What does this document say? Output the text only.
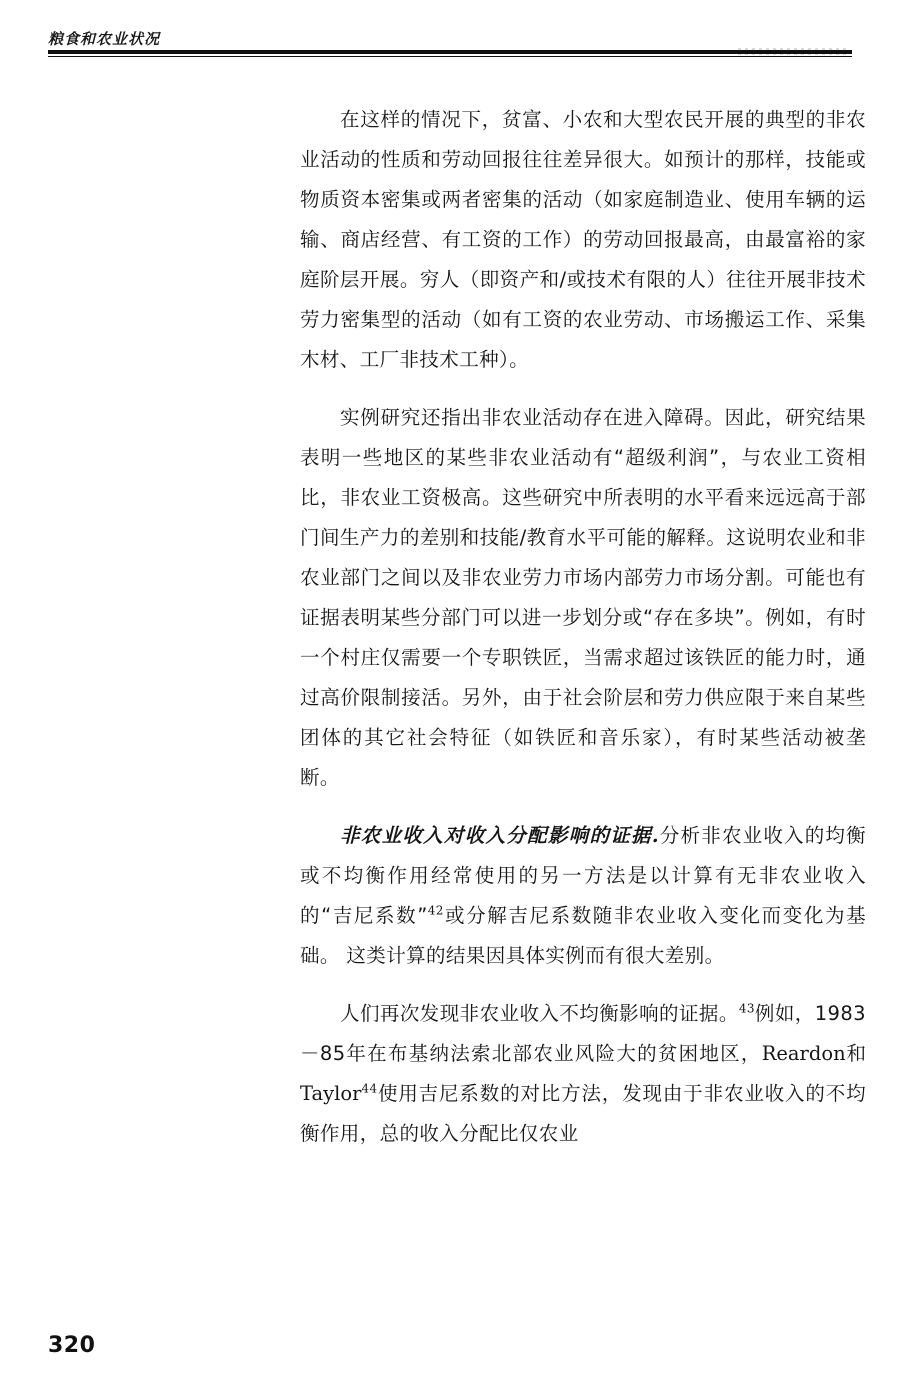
粮食和农业状况

在这样的情况下，贫富、小农和大型农民开展的典型的非农业活动的性质和劳动回报往往差异很大。如预计的那样，技能或物质资本密集或两者密集的活动（如家庭制造业、使用车辆的运输、商店经营、有工资的工作）的劳动回报最高，由最富裕的家庭阶层开展。穷人（即资产和/或技术有限的人）往往开展非技术劳力密集型的活动（如有工资的农业劳动、市场搬运工作、采集木材、工厂非技术工种）。

实例研究还指出非农业活动存在进入障碍。因此，研究结果表明一些地区的某些非农业活动有“超级利润”，与农业工资相比，非农业工资极高。这些研究中所表明的水平看来远远高于部门间生产力的差别和技能/教育水平可能的解释。这说明农业和非农业部门之间以及非农业劳力市场内部劳力市场分割。可能也有证据表明某些分部门可以进一步划分或“存在多块”。例如，有时一个村庄仅需要一个专职铁匠，当需求超过该铁匠的能力时，通过高价限制接活。另外，由于社会阶层和劳力供应限于来自某些团体的其它社会特征（如铁匠和音乐家），有时某些活动被垄断。

非农业收入对收入分配影响的证据.分析非农业收入的均衡或不均衡作用经常使用的另一方法是以计算有无非农业收入的“吉尼系数”$^{42}$或分解吉尼系数随非农业收入变化而变化为基础。 这类计算的结果因具体实例而有很大差别。

人们再次发现非农业收入不均衡影响的证据。$^{43}$例如，1983－85年在布基纳法索北部农业风险大的贫困地区，Reardon和Taylor$^{44}$使用吉尼系数的对比方法，发现由于非农业收入的不均衡作用，总的收入分配比仅农业

320
